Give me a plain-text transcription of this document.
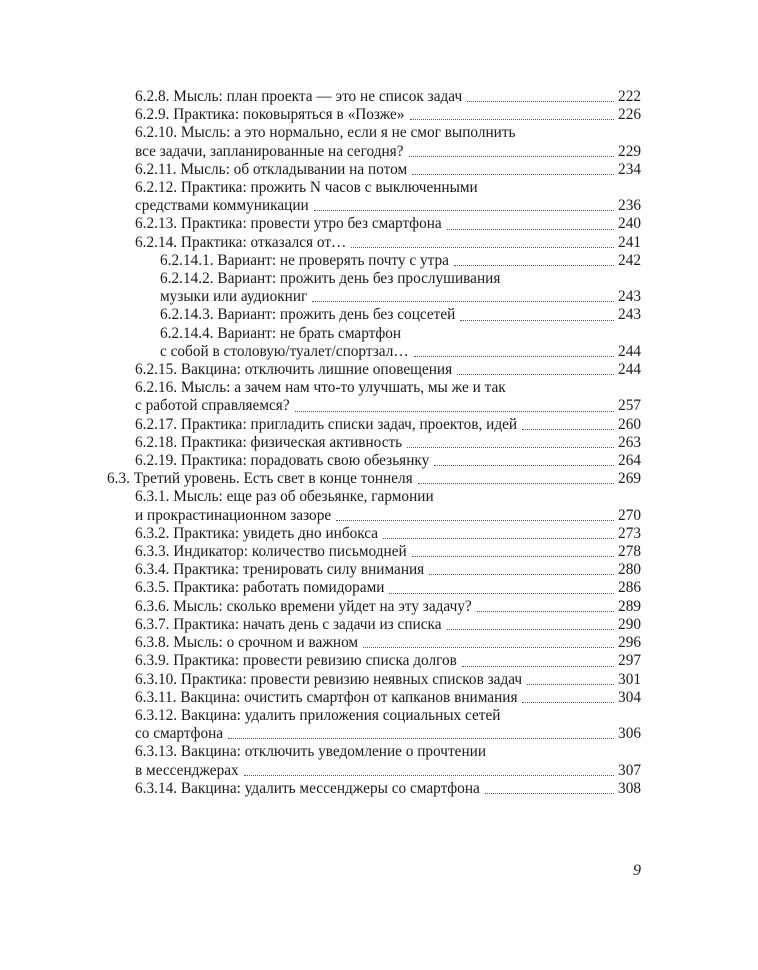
6.2.8. Мысль: план проекта — это не список задач	222
6.2.9. Практика: поковыряться в «Позже»	226
6.2.10. Мысль: а это нормально, если я не смог выполнить
все задачи, запланированные на сегодня?	229
6.2.11. Мысль: об откладывании на потом	234
6.2.12. Практика: прожить N часов с выключенными
средствами коммуникации	236
6.2.13. Практика: провести утро без смартфона	240
6.2.14. Практика: отказался от…	241
6.2.14.1. Вариант: не проверять почту с утра	242
6.2.14.2. Вариант: прожить день без прослушивания
музыки или аудиокниг	243
6.2.14.3. Вариант: прожить день без соцсетей	243
6.2.14.4. Вариант: не брать смартфон
с собой в столовую/туалет/спортзал…	244
6.2.15. Вакцина: отключить лишние оповещения	244
6.2.16. Мысль: а зачем нам что-то улучшать, мы же и так
с работой справляемся?	257
6.2.17. Практика: пригладить списки задач, проектов, идей	260
6.2.18. Практика: физическая активность	263
6.2.19. Практика: порадовать свою обезьянку	264
6.3. Третий уровень. Есть свет в конце тоннеля	269
6.3.1. Мысль: еще раз об обезьянке, гармонии
и прокрастинационном зазоре	270
6.3.2. Практика: увидеть дно инбокса	273
6.3.3. Индикатор: количество письмодней	278
6.3.4. Практика: тренировать силу внимания	280
6.3.5. Практика: работать помидорами	286
6.3.6. Мысль: сколько времени уйдет на эту задачу?	289
6.3.7. Практика: начать день с задачи из списка	290
6.3.8. Мысль: о срочном и важном	296
6.3.9. Практика: провести ревизию списка долгов	297
6.3.10. Практика: провести ревизию неявных списков задач	301
6.3.11. Вакцина: очистить смартфон от капканов внимания	304
6.3.12. Вакцина: удалить приложения социальных сетей
со смартфона	306
6.3.13. Вакцина: отключить уведомление о прочтении
в мессенджерах	307
6.3.14. Вакцина: удалить мессенджеры со смартфона	308
9
